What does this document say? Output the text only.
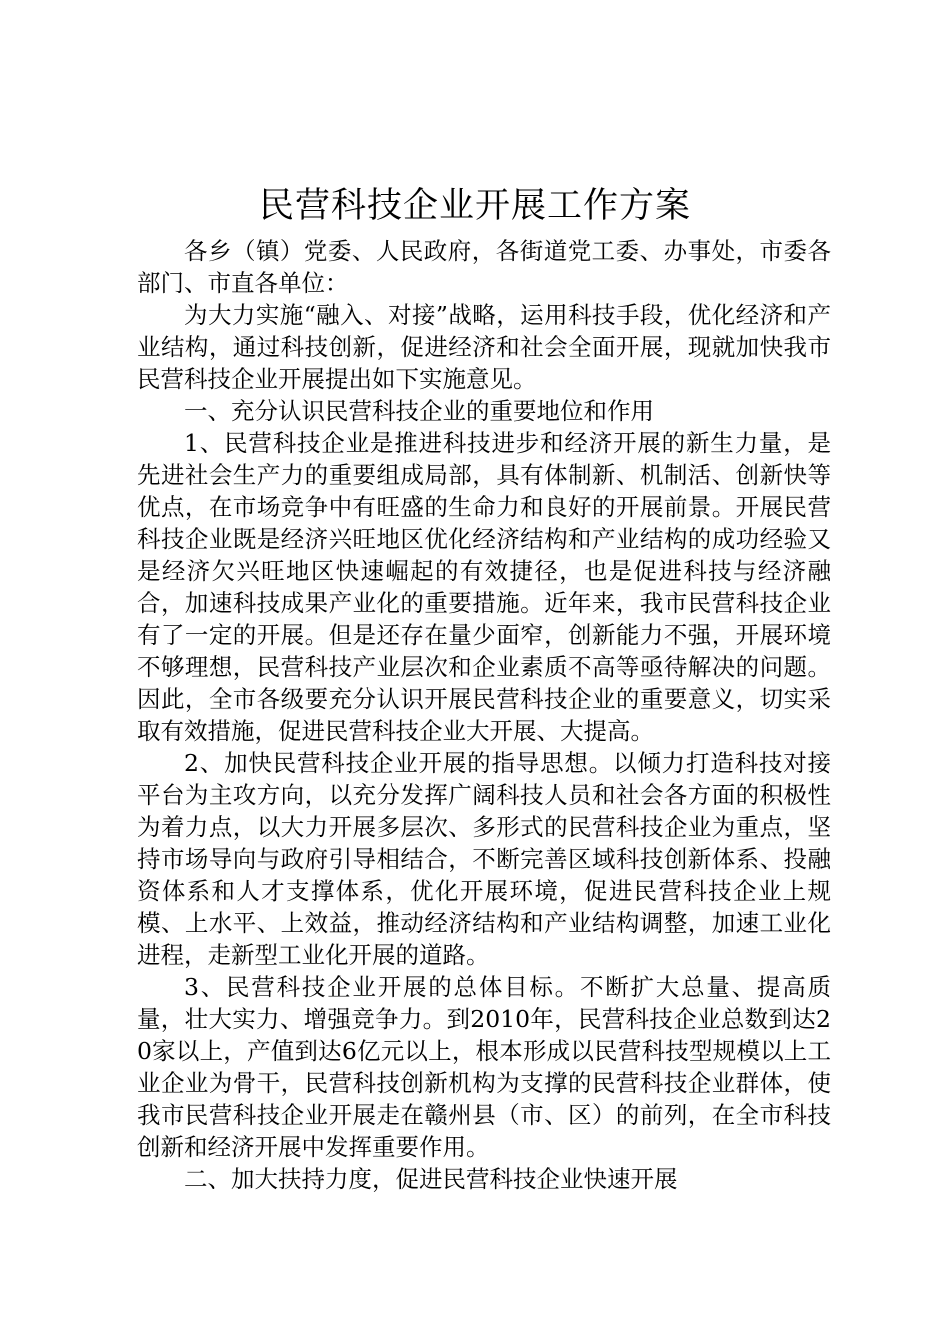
民营科技企业开展工作方案

各乡（镇）党委、人民政府，各街道党工委、办事处，市委各部门、市直各单位：

为大力实施“融入、对接”战略，运用科技手段，优化经济和产业结构，通过科技创新，促进经济和社会全面开展，现就加快我市民营科技企业开展提出如下实施意见。

一、充分认识民营科技企业的重要地位和作用

1、民营科技企业是推进科技进步和经济开展的新生力量，是先进社会生产力的重要组成局部，具有体制新、机制活、创新快等优点，在市场竞争中有旺盛的生命力和良好的开展前景。开展民营科技企业既是经济兴旺地区优化经济结构和产业结构的成功经验又是经济欠兴旺地区快速崛起的有效捷径，也是促进科技与经济融合，加速科技成果产业化的重要措施。近年来，我市民营科技企业有了一定的开展。但是还存在量少面窄，创新能力不强，开展环境不够理想，民营科技产业层次和企业素质不高等亟待解决的问题。因此，全市各级要充分认识开展民营科技企业的重要意义，切实采取有效措施，促进民营科技企业大开展、大提高。

2、加快民营科技企业开展的指导思想。以倾力打造科技对接平台为主攻方向，以充分发挥广阔科技人员和社会各方面的积极性为着力点，以大力开展多层次、多形式的民营科技企业为重点，坚持市场导向与政府引导相结合，不断完善区域科技创新体系、投融资体系和人才支撑体系，优化开展环境，促进民营科技企业上规模、上水平、上效益，推动经济结构和产业结构调整，加速工业化进程，走新型工业化开展的道路。

3、民营科技企业开展的总体目标。不断扩大总量、提高质量，壮大实力、增强竞争力。到2010年，民营科技企业总数到达20家以上，产值到达6亿元以上，根本形成以民营科技型规模以上工业企业为骨干，民营科技创新机构为支撑的民营科技企业群体，使我市民营科技企业开展走在赣州县（市、区）的前列，在全市科技创新和经济开展中发挥重要作用。

二、加大扶持力度，促进民营科技企业快速开展
